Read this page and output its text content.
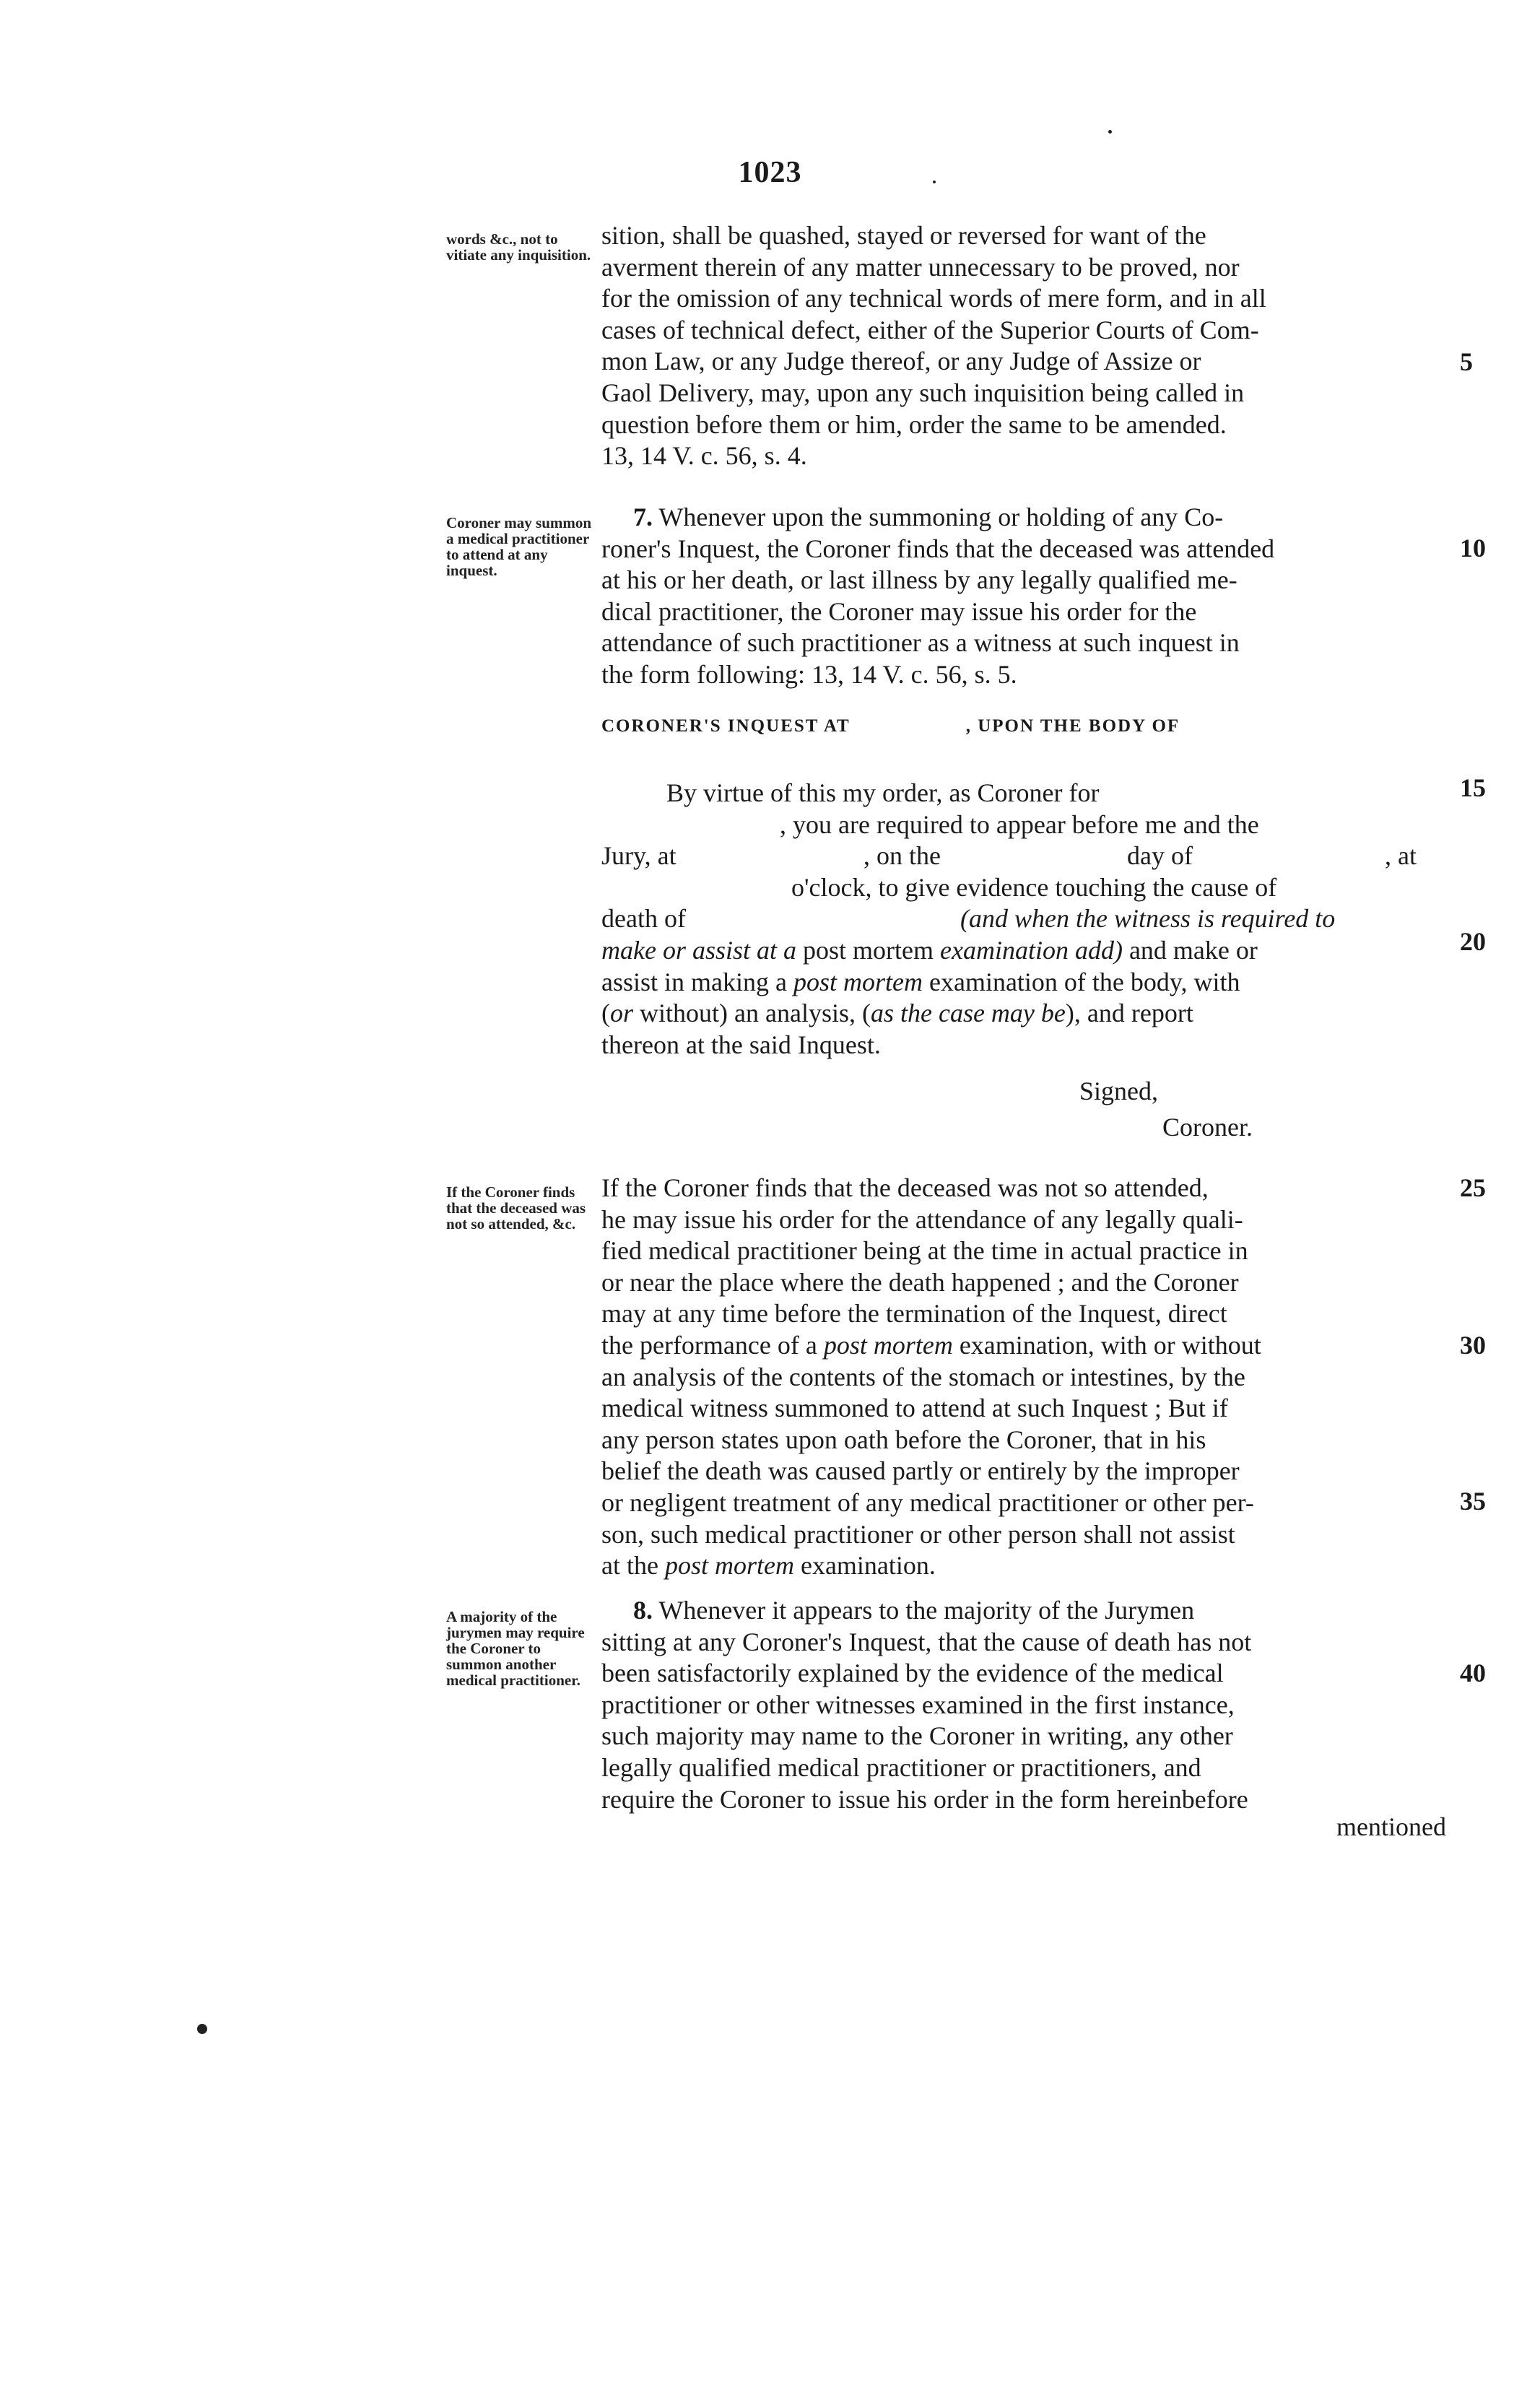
1023
words &c., not to vitiate any inquisition.
sition, shall be quashed, stayed or reversed for want of the
averment therein of any matter unnecessary to be proved, nor
for the omission of any technical words of mere form, and in all
cases of technical defect, either of the Superior Courts of Com-
mon Law, or any Judge thereof, or any Judge of Assize or
Gaol Delivery, may, upon any such inquisition being called in
question before them or him, order the same to be amended.
13, 14 V. c. 56, s. 4.
Coroner may summon a medical practitioner to attend at any inquest.
7. Whenever upon the summoning or holding of any Co-
roner's Inquest, the Coroner finds that the deceased was attended
at his or her death, or last illness by any legally qualified me-
dical practitioner, the Coroner may issue his order for the
attendance of such practitioner as a witness at such inquest in
the form following: 13, 14 V. c. 56, s. 5.
CORONER'S INQUEST AT	, UPON THE BODY OF
By virtue of this my order, as Coroner for
, you are required to appear before me and the
Jury, at	, on the	day of	, at
o'clock, to give evidence touching the cause of
death of	(and when the witness is required to
make or assist at a post mortem examination add) and make or
assist in making a post mortem examination of the body, with
(or without) an analysis, (as the case may be), and report
thereon at the said Inquest.
Signed,
Coroner.
If the Coroner finds that the deceased was not so attended, &c.
If the Coroner finds that the deceased was not so attended,
he may issue his order for the attendance of any legally quali-
fied medical practitioner being at the time in actual practice in
or near the place where the death happened ; and the Coroner
may at any time before the termination of the Inquest, direct
the performance of a post mortem examination, with or without
an analysis of the contents of the stomach or intestines, by the
medical witness summoned to attend at such Inquest ; But if
any person states upon oath before the Coroner, that in his
belief the death was caused partly or entirely by the improper
or negligent treatment of any medical practitioner or other per-
son, such medical practitioner or other person shall not assist
at the post mortem examination.
A majority of the jurymen may require the Coroner to summon another medical practitioner.
8. Whenever it appears to the majority of the Jurymen
sitting at any Coroner's Inquest, that the cause of death has not
been satisfactorily explained by the evidence of the medical
practitioner or other witnesses examined in the first instance,
such majority may name to the Coroner in writing, any other
legally qualified medical practitioner or practitioners, and
require the Coroner to issue his order in the form hereinbefore
mentioned
5
10
15
20
25
30
35
40
